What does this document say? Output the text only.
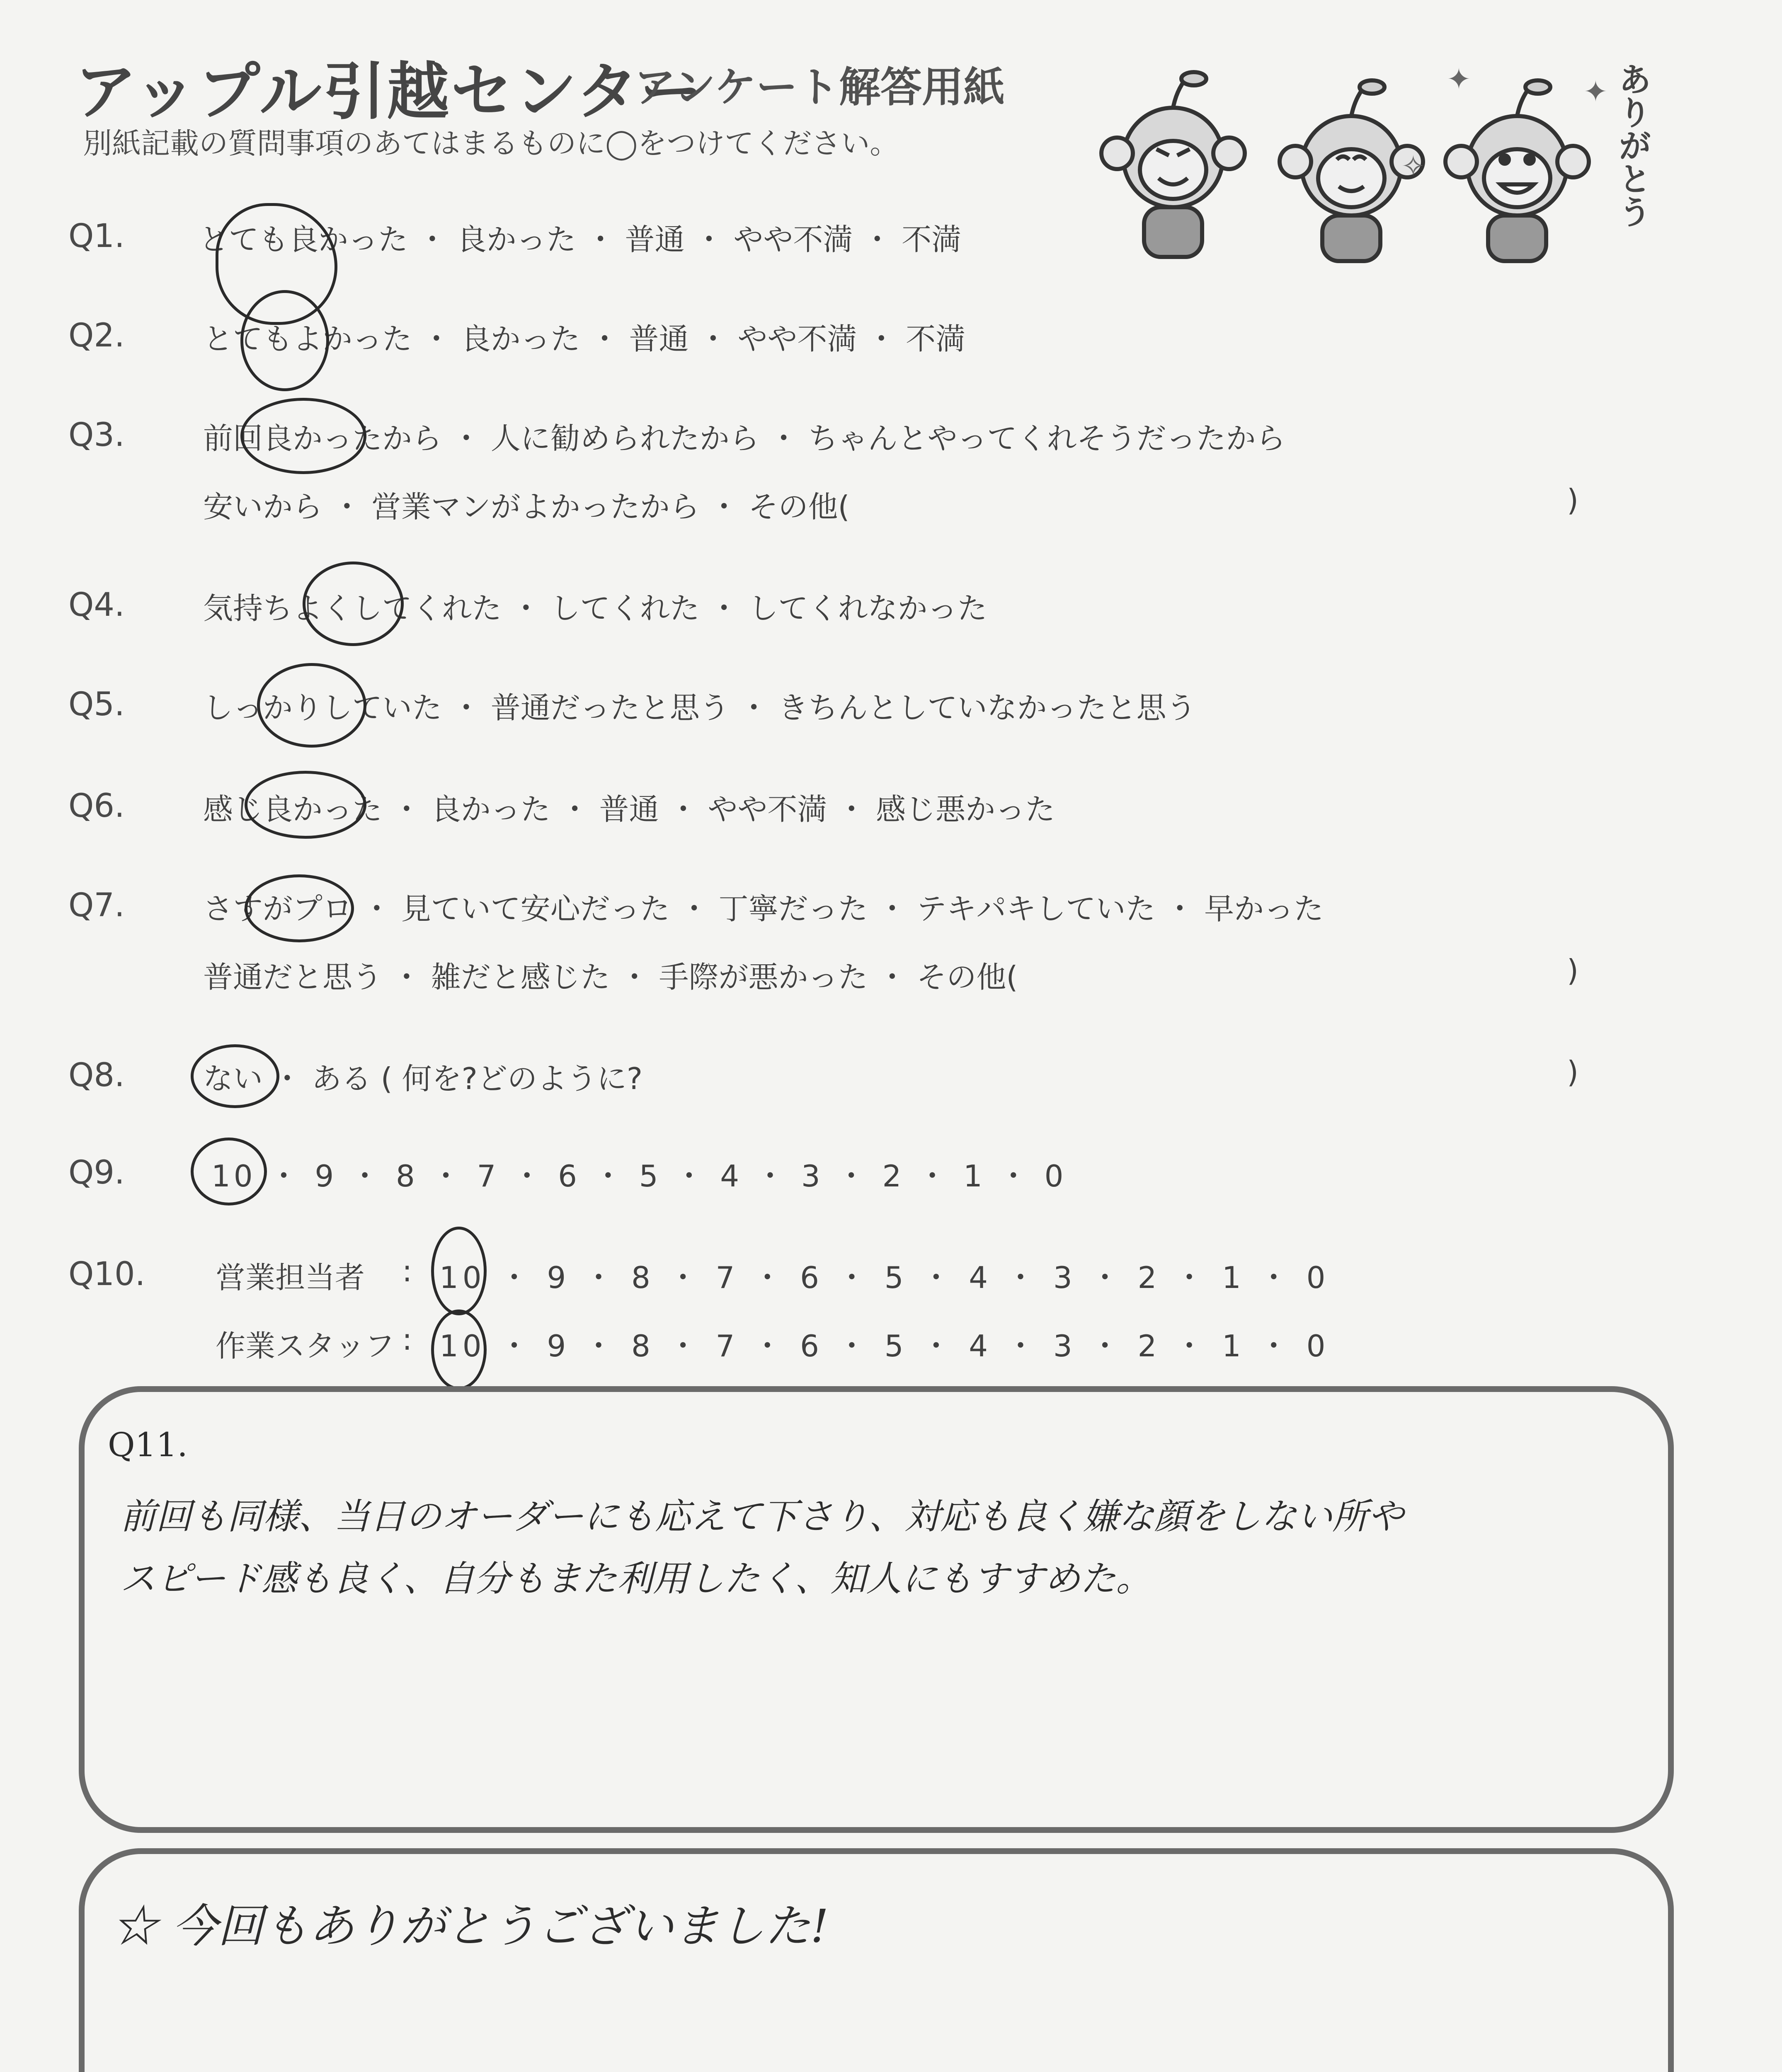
アップル引越センター
アンケート解答用紙
別紙記載の質問事項のあてはまるものに◯をつけてください。
✦
✧
✦ ありがとう
Q1. とても良かった ・ 良かった ・ 普通 ・ やや不満 ・ 不満
Q2.	とてもよかった ・ 良かった ・ 普通 ・ やや不満 ・ 不満
Q3.	前回良かったから ・ 人に勧められたから ・ ちゃんとやってくれそうだったから
安いから ・ 営業マンがよかったから ・ その他(	)
Q4.	気持ちよくしてくれた ・ してくれた ・ してくれなかった
Q5.	しっかりしていた ・ 普通だったと思う ・ きちんとしていなかったと思う
Q6.	感じ良かった ・ 良かった ・ 普通 ・ やや不満 ・ 感じ悪かった
Q7.	さすがプロ ・ 見ていて安心だった ・ 丁寧だった ・ テキパキしていた ・ 早かった
普通だと思う ・ 雑だと感じた ・ 手際が悪かった ・ その他(	)
Q8.	ない ・ ある ( 何を?どのように?	)
Q9.	10 ・ 9 ・ 8 ・ 7 ・ 6 ・ 5 ・ 4 ・ 3 ・ 2 ・ 1 ・ 0
Q10. 営業担当者 : 10 ・ 9 ・ 8 ・ 7 ・ 6 ・ 5 ・ 4 ・ 3 ・ 2 ・ 1 ・ 0
作業スタッフ : 10 ・ 9 ・ 8 ・ 7 ・ 6 ・ 5 ・ 4 ・ 3 ・ 2 ・ 1 ・ 0
Q11.
前回も同様、当日のオーダーにも応えて下さり、対応も良く嫌な顔をしない所や
スピード感も良く、自分もまた利用したく、知人にもすすめた。
☆ 今回もありがとうございました!
